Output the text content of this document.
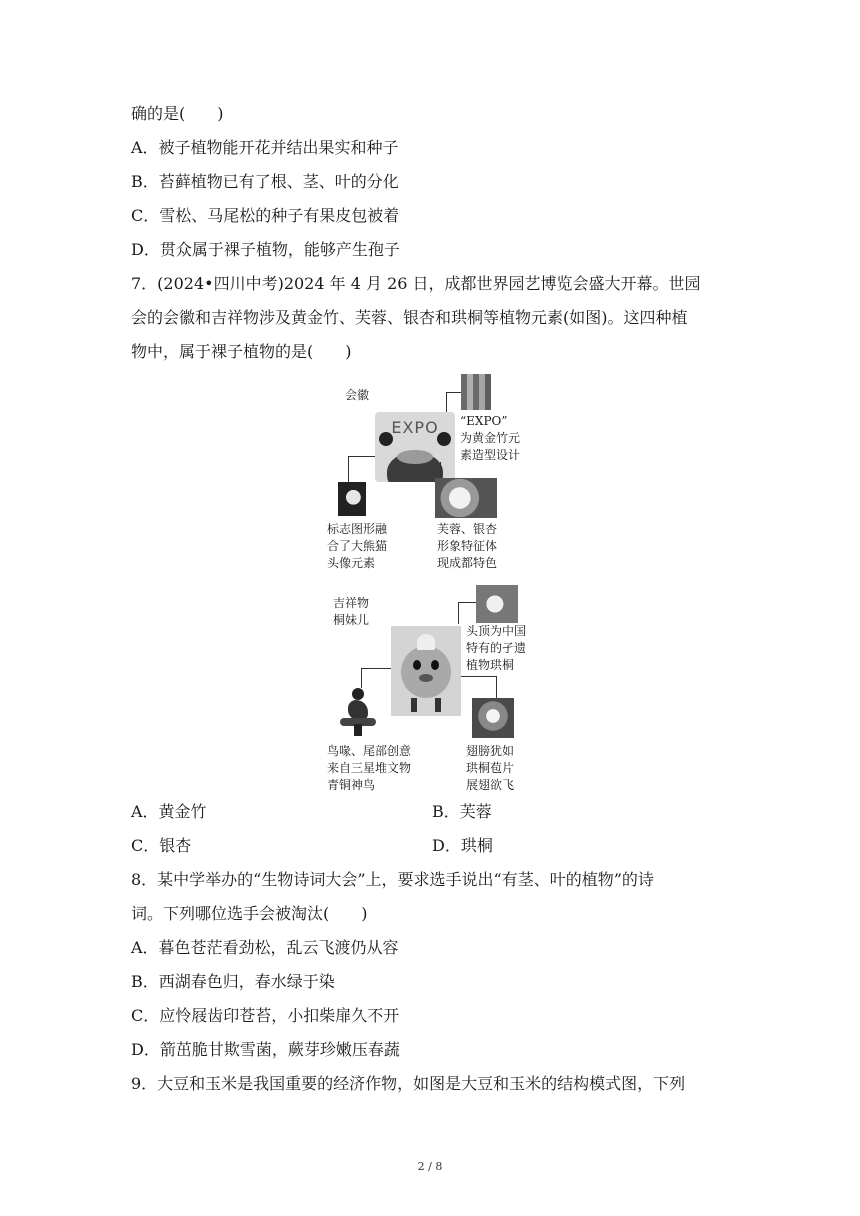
确的是(　　)
A．被子植物能开花并结出果实和种子
B．苔藓植物已有了根、茎、叶的分化
C．雪松、马尾松的种子有果皮包被着
D．贯众属于裸子植物，能够产生孢子
7．(2024•四川中考)2024 年 4 月 26 日，成都世界园艺博览会盛大开幕。世园
会的会徽和吉祥物涉及黄金竹、芙蓉、银杏和珙桐等植物元素(如图)。这四种植
物中，属于裸子植物的是(　　)
会徽
EXPO	“EXPO”
为黄金竹元
素造型设计
标志图形融
合了大熊猫
头像元素
芙蓉、银杏
形象特征体
现成都特色
吉祥物
桐妹儿
头顶为中国
特有的孑遗
植物珙桐
鸟喙、尾部创意
来自三星堆文物
青铜神鸟
翅膀犹如
珙桐苞片
展翅欲飞
A．黄金竹	B．芙蓉
C．银杏	D．珙桐
8．某中学举办的“生物诗词大会”上，要求选手说出“有茎、叶的植物”的诗
词。下列哪位选手会被淘汰(　　)
A．暮色苍茫看劲松，乱云飞渡仍从容
B．西湖春色归，春水绿于染
C．应怜屐齿印苍苔，小扣柴扉久不开
D．箭茁脆甘欺雪菌，蕨芽珍嫩压春蔬
9．大豆和玉米是我国重要的经济作物，如图是大豆和玉米的结构模式图，下列
2 / 8
